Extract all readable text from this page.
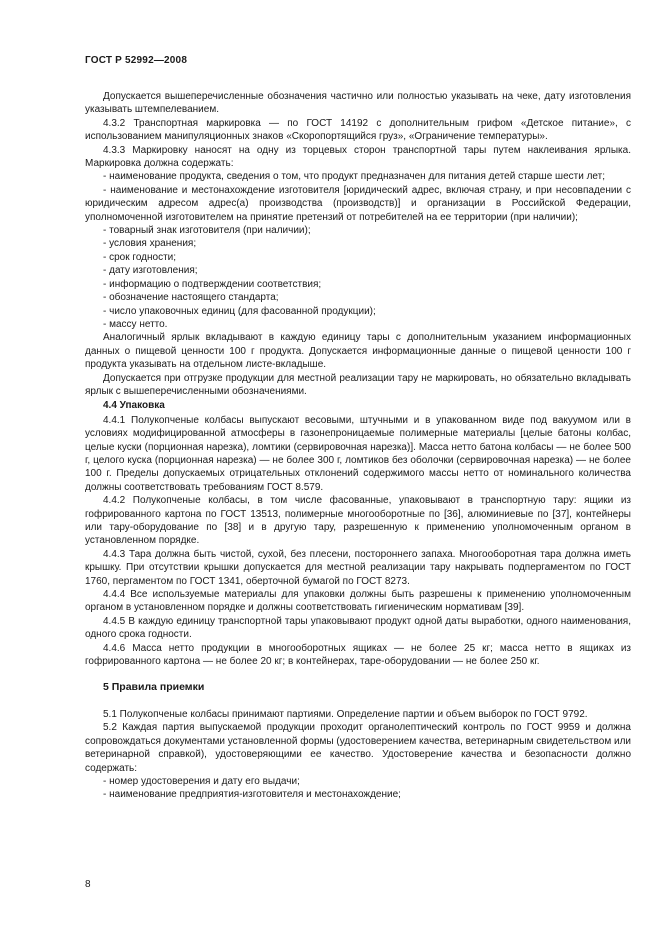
ГОСТ Р 52992—2008

Допускается вышеперечисленные обозначения частично или полностью указывать на чеке, дату изготовления указывать штемпелеванием.

4.3.2 Транспортная маркировка — по ГОСТ 14192 с дополнительным грифом «Детское питание», с использованием манипуляционных знаков «Скоропортящийся груз», «Ограничение температуры».

4.3.3 Маркировку наносят на одну из торцевых сторон транспортной тары путем наклеивания ярлыка. Маркировка должна содержать:

- наименование продукта, сведения о том, что продукт предназначен для питания детей старше шести лет;

- наименование и местонахождение изготовителя [юридический адрес, включая страну, и при несовпадении с юридическим адресом адрес(а) производства (производств)] и организации в Российской Федерации, уполномоченной изготовителем на принятие претензий от потребителей на ее территории (при наличии);

- товарный знак изготовителя (при наличии);

- условия хранения;

- срок годности;

- дату изготовления;

- информацию о подтверждении соответствия;

- обозначение настоящего стандарта;

- число упаковочных единиц (для фасованной продукции);

- массу нетто.

Аналогичный ярлык вкладывают в каждую единицу тары с дополнительным указанием информационных данных о пищевой ценности 100 г продукта. Допускается информационные данные о пищевой ценности 100 г продукта указывать на отдельном листе-вкладыше.

Допускается при отгрузке продукции для местной реализации тару не маркировать, но обязательно вкладывать ярлык с вышеперечисленными обозначениями.

4.4 Упаковка

4.4.1 Полукопченые колбасы выпускают весовыми, штучными и в упакованном виде под вакуумом или в условиях модифицированной атмосферы в газонепроницаемые полимерные материалы [целые батоны колбас, целые куски (порционная нарезка), ломтики (сервировочная нарезка)]. Масса нетто батона колбасы — не более 500 г, целого куска (порционная нарезка) — не более 300 г, ломтиков без оболочки (сервировочная нарезка) — не более 100 г. Пределы допускаемых отрицательных отклонений содержимого массы нетто от номинального количества должны соответствовать требованиям ГОСТ 8.579.

4.4.2 Полукопченые колбасы, в том числе фасованные, упаковывают в транспортную тару: ящики из гофрированного картона по ГОСТ 13513, полимерные многооборотные по [36], алюминиевые по [37], контейнеры или тару-оборудование по [38] и в другую тару, разрешенную к применению уполномоченным органом в установленном порядке.

4.4.3 Тара должна быть чистой, сухой, без плесени, постороннего запаха. Многооборотная тара должна иметь крышку. При отсутствии крышки допускается для местной реализации тару накрывать подпергаментом по ГОСТ 1760, пергаментом по ГОСТ 1341, оберточной бумагой по ГОСТ 8273.

4.4.4 Все используемые материалы для упаковки должны быть разрешены к применению уполномоченным органом в установленном порядке и должны соответствовать гигиеническим нормативам [39].

4.4.5 В каждую единицу транспортной тары упаковывают продукт одной даты выработки, одного наименования, одного срока годности.

4.4.6 Масса нетто продукции в многооборотных ящиках — не более 25 кг; масса нетто в ящиках из гофрированного картона — не более 20 кг; в контейнерах, таре-оборудовании — не более 250 кг.

5 Правила приемки

5.1 Полукопченые колбасы принимают партиями. Определение партии и объем выборок по ГОСТ 9792.

5.2 Каждая партия выпускаемой продукции проходит органолептический контроль по ГОСТ 9959 и должна сопровождаться документами установленной формы (удостоверением качества, ветеринарным свидетельством или ветеринарной справкой), удостоверяющими ее качество. Удостоверение качества и безопасности должно содержать:

- номер удостоверения и дату его выдачи;

- наименование предприятия-изготовителя и местонахождение;

8
